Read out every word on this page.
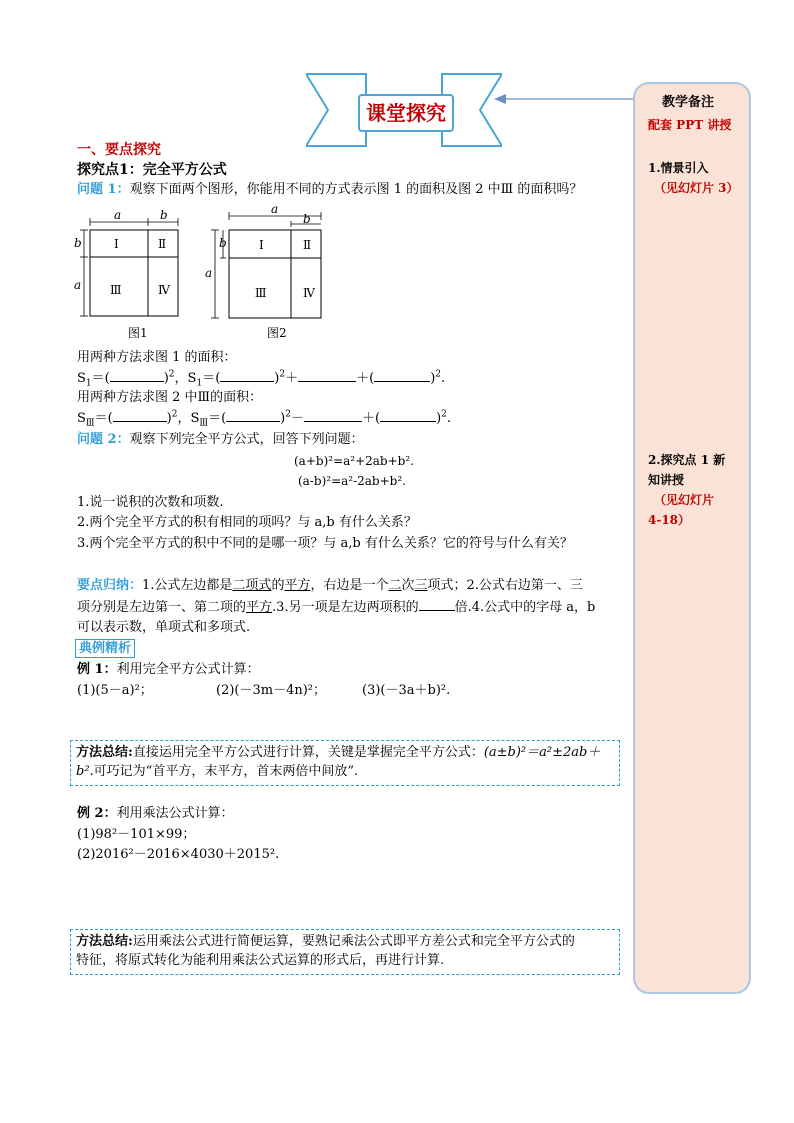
课堂探究	教学备注
配套 PPT 讲授
1.情景引入
（见幻灯片 3）
2.探究点 1 新
知讲授
（见幻灯片
4-18）
一、要点探究
探究点1：完全平方公式
问题 1：观察下面两个图形，你能用不同的方式表示图 1 的面积及图 2 中Ⅲ 的面积吗？
a	b
b
a
Ⅰ	Ⅱ
Ⅲ	Ⅳ
图1
a
b
a
b	Ⅰ	Ⅱ
Ⅲ	Ⅳ
图2
用两种方法求图 1 的面积：
$S_1=$(	)$^2$，$S_1=$(	)$^2$＋	＋(	)$^2$.
用两种方法求图 2 中Ⅲ的面积：
$S_Ⅲ=$(	)$^2$，$S_Ⅲ=$(	)$^2$－	＋(	)$^2$.
问题 2：观察下列完全平方公式，回答下列问题：
(a+b)²=a²+2ab+b².
(a-b)²=a²-2ab+b².
1.说一说积的次数和项数.
2.两个完全平方式的积有相同的项吗？与 a,b 有什么关系？
3.两个完全平方式的积中不同的是哪一项？与 a,b 有什么关系？它的符号与什么有关？
要点归纳：1.公式左边都是二项式的平方，右边是一个二次三项式；2.公式右边第一、三
项分别是左边第一、第二项的平方.3.另一项是左边两项积的	倍.4.公式中的字母 a，b
可以表示数，单项式和多项式.
典例精析
例 1：利用完全平方公式计算：
(1)(5－a)²；	(2)(－3m－4n)²；	(3)(－3a＋b)².
方法总结:直接运用完全平方公式进行计算，关键是掌握完全平方公式：(a±b)²＝a²±2ab＋
b².可巧记为“首平方，末平方，首末两倍中间放”.
例 2：利用乘法公式计算：
(1)98²－101×99；
(2)2016²－2016×4030＋2015².
方法总结:运用乘法公式进行简便运算，要熟记乘法公式即平方差公式和完全平方公式的
特征，将原式转化为能利用乘法公式运算的形式后，再进行计算.
